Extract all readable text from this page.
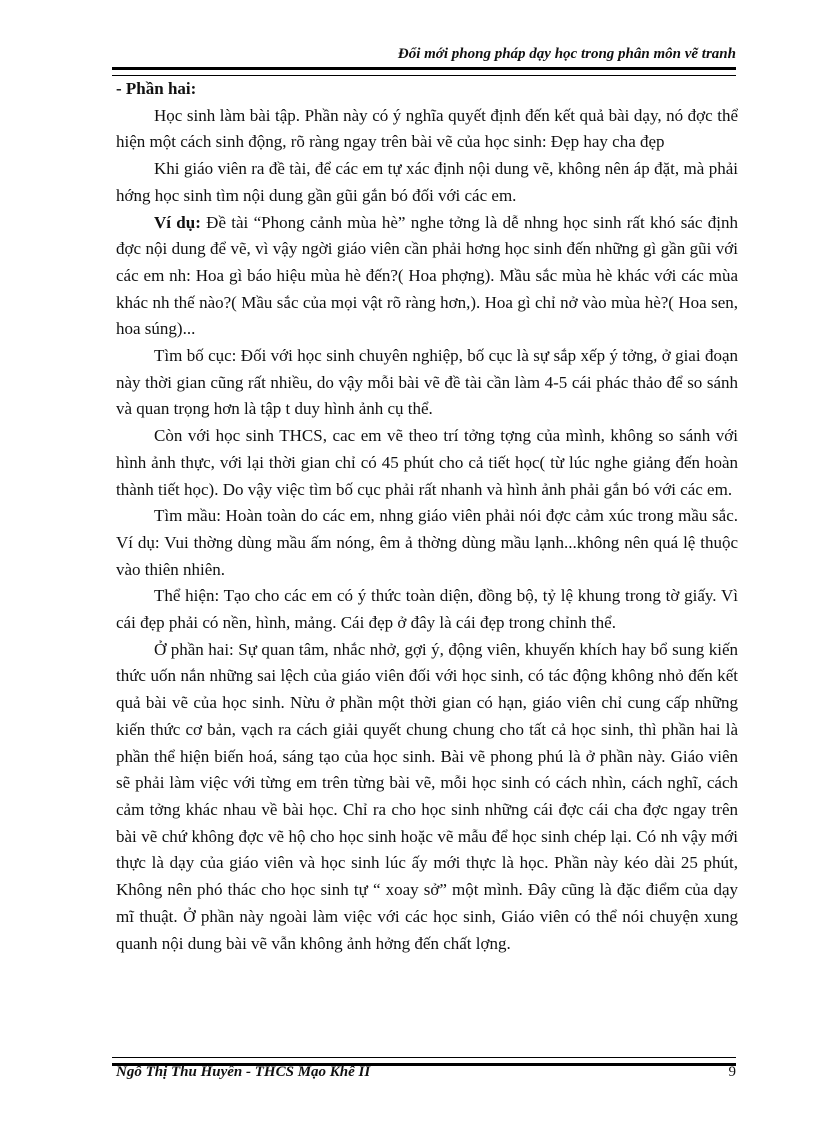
Đổi mới phong pháp dạy học trong phân môn vẽ tranh

- Phần hai:

Học sinh làm bài tập. Phần này có ý nghĩa quyết định đến kết quả bài dạy, nó đợc thể hiện một cách sinh động, rõ ràng ngay trên bài vẽ của học sinh: Đẹp hay cha đẹp

Khi giáo viên ra đề tài, để các em tự xác định nội dung vẽ, không nên áp đặt, mà phải hớng học sinh tìm nội dung gần gũi gắn bó đối với các em.

Ví dụ: Đề tài “Phong cảnh mùa hè” nghe tởng là dễ nhng học sinh rất khó sác định đợc nội dung để vẽ, vì vậy ngời giáo viên cần phải hơng học sinh đến những gì gần gũi với các em nh: Hoa gì báo hiệu mùa hè đến?( Hoa phợng). Mầu sắc mùa hè khác với các mùa khác nh thế nào?( Mầu sắc của mọi vật rõ ràng hơn,). Hoa gì chỉ nở vào mùa hè?( Hoa sen, hoa súng)...

Tìm bố cục: Đối với học sinh chuyên nghiệp, bố cục là sự sắp xếp ý tởng, ở giai đoạn này thời gian cũng rất nhiều, do vậy mỗi bài vẽ đề tài cần làm 4-5 cái phác thảo để so sánh và quan trọng hơn là tập t duy hình ảnh cụ thể.

Còn với học sinh THCS, cac em vẽ theo trí tởng tợng của mình, không so sánh với hình ảnh thực, với lại thời gian chỉ có 45 phút cho cả tiết học( từ lúc nghe giảng đến hoàn thành tiết học). Do vậy việc tìm bố cục phải rất nhanh và hình ảnh phải gắn bó với các em.

Tìm mầu: Hoàn toàn do các em, nhng giáo viên phải nói đợc cảm xúc trong mầu sắc. Ví dụ: Vui thờng dùng mầu ấm nóng, êm ả thờng dùng mầu lạnh...không nên quá lệ thuộc vào thiên nhiên.

Thể hiện: Tạo cho các em có ý thức toàn diện, đồng bộ, tỷ lệ khung trong tờ giấy. Vì cái đẹp phải có nền, hình, mảng. Cái đẹp ở đây là cái đẹp trong chỉnh thể.

Ở phần hai: Sự quan tâm, nhắc nhở, gợi ý, động viên, khuyến khích hay bổ sung kiến thức uốn nắn những sai lệch của giáo viên đối với học sinh, có tác động không nhỏ đến kết quả bài vẽ của học sinh. Nừu ở phần một thời gian có hạn, giáo viên chỉ cung cấp những kiến thức cơ bản, vạch ra cách giải quyết chung chung cho tất cả học sinh, thì phần hai là phần thể hiện biến hoá, sáng tạo của học sinh. Bài vẽ phong phú là ở phần này. Giáo viên sẽ phải làm việc với từng em trên từng bài vẽ, mỗi học sinh có cách nhìn, cách nghĩ, cách cảm tởng khác nhau về bài học. Chỉ ra cho học sinh những cái đợc cái cha đợc ngay trên bài vẽ chứ không đợc vẽ hộ cho học sinh hoặc vẽ mẫu để học sinh chép lại. Có nh vậy mới thực là dạy của giáo viên và học sinh lúc ấy mới thực là học. Phần này kéo dài 25 phút, Không nên phó thác cho học sinh tự “ xoay sở” một mình. Đây cũng là đặc điểm của dạy mĩ thuật. Ở phần này ngoài làm việc với các học sinh, Giáo viên có thể nói chuyện xung quanh nội dung bài vẽ vẫn không ảnh hởng đến chất lợng.

Ngô Thị Thu Huyền - THCS Mạo Khê II	9
